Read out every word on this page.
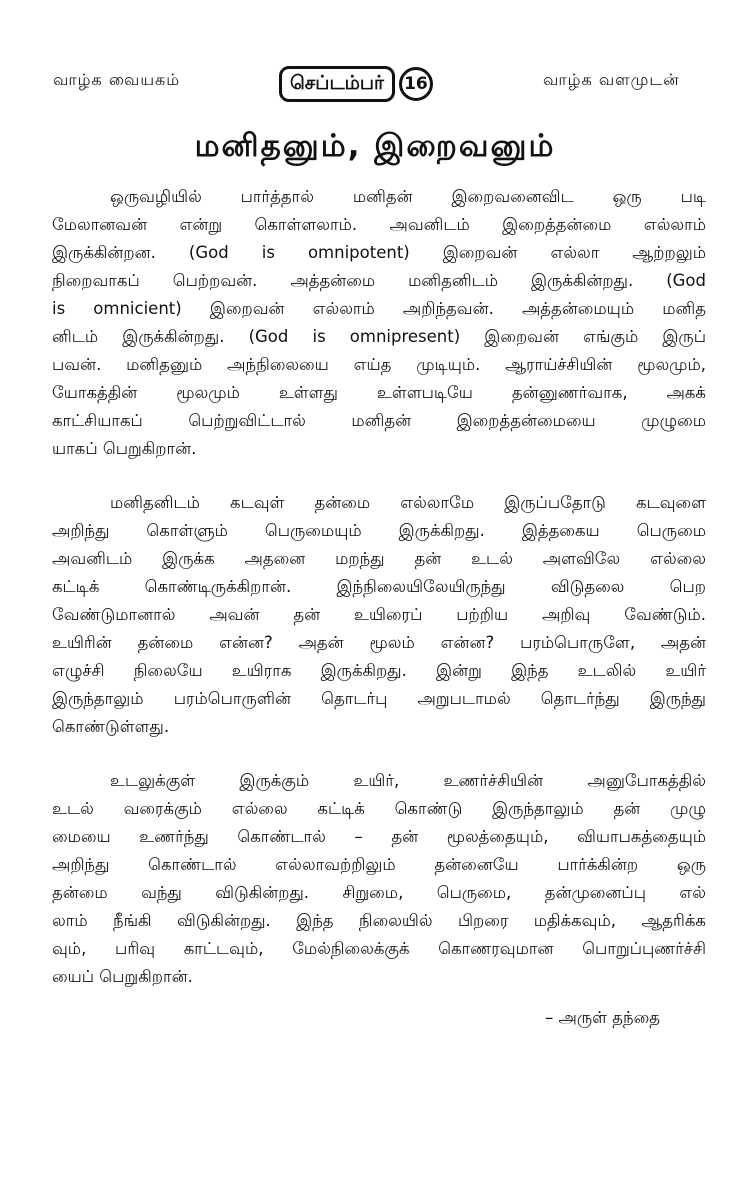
வாழ்க வையகம்	செப்டம்பர்	16	வாழ்க வளமுடன்
மனிதனும், இறைவனும்
ஒருவழியில் பார்த்தால் மனிதன் இறைவனைவிட ஒரு படி
மேலானவன் என்று கொள்ளலாம். அவனிடம் இறைத்தன்மை எல்லாம்
இருக்கின்றன. (God is omnipotent) இறைவன் எல்லா ஆற்றலும்
நிறைவாகப் பெற்றவன். அத்தன்மை மனிதனிடம் இருக்கின்றது. (God
is omnicient) இறைவன் எல்லாம் அறிந்தவன். அத்தன்மையும் மனித
னிடம் இருக்கின்றது. (God is omnipresent) இறைவன் எங்கும் இருப்
பவன். மனிதனும் அந்நிலையை எய்த முடியும். ஆராய்ச்சியின் மூலமும்,
யோகத்தின் மூலமும் உள்ளது உள்ளபடியே தன்னுணர்வாக, அகக்
காட்சியாகப் பெற்றுவிட்டால் மனிதன் இறைத்தன்மையை முழுமை
யாகப் பெறுகிறான்.
மனிதனிடம் கடவுள் தன்மை எல்லாமே இருப்பதோடு கடவுளை
அறிந்து கொள்ளும் பெருமையும் இருக்கிறது. இத்தகைய பெருமை
அவனிடம் இருக்க அதனை மறந்து தன் உடல் அளவிலே எல்லை
கட்டிக் கொண்டிருக்கிறான். இந்நிலையிலேயிருந்து விடுதலை பெற
வேண்டுமானால் அவன் தன் உயிரைப் பற்றிய அறிவு வேண்டும்.
உயிரின் தன்மை என்ன? அதன் மூலம் என்ன? பரம்பொருளே, அதன்
எழுச்சி நிலையே உயிராக இருக்கிறது. இன்று இந்த உடலில் உயிர்
இருந்தாலும் பரம்பொருளின் தொடர்பு அறுபடாமல் தொடர்ந்து இருந்து
கொண்டுள்ளது.
உடலுக்குள் இருக்கும் உயிர், உணர்ச்சியின் அனுபோகத்தில்
உடல் வரைக்கும் எல்லை கட்டிக் கொண்டு இருந்தாலும் தன் முழு
மையை உணர்ந்து கொண்டால் – தன் மூலத்தையும், வியாபகத்தையும்
அறிந்து கொண்டால் எல்லாவற்றிலும் தன்னையே பார்க்கின்ற ஒரு
தன்மை வந்து விடுகின்றது. சிறுமை, பெருமை, தன்முனைப்பு எல்
லாம் நீங்கி விடுகின்றது. இந்த நிலையில் பிறரை மதிக்கவும், ஆதரிக்க
வும், பரிவு காட்டவும், மேல்நிலைக்குக் கொணரவுமான பொறுப்புணர்ச்சி
யைப் பெறுகிறான்.
– அருள் தந்தை
